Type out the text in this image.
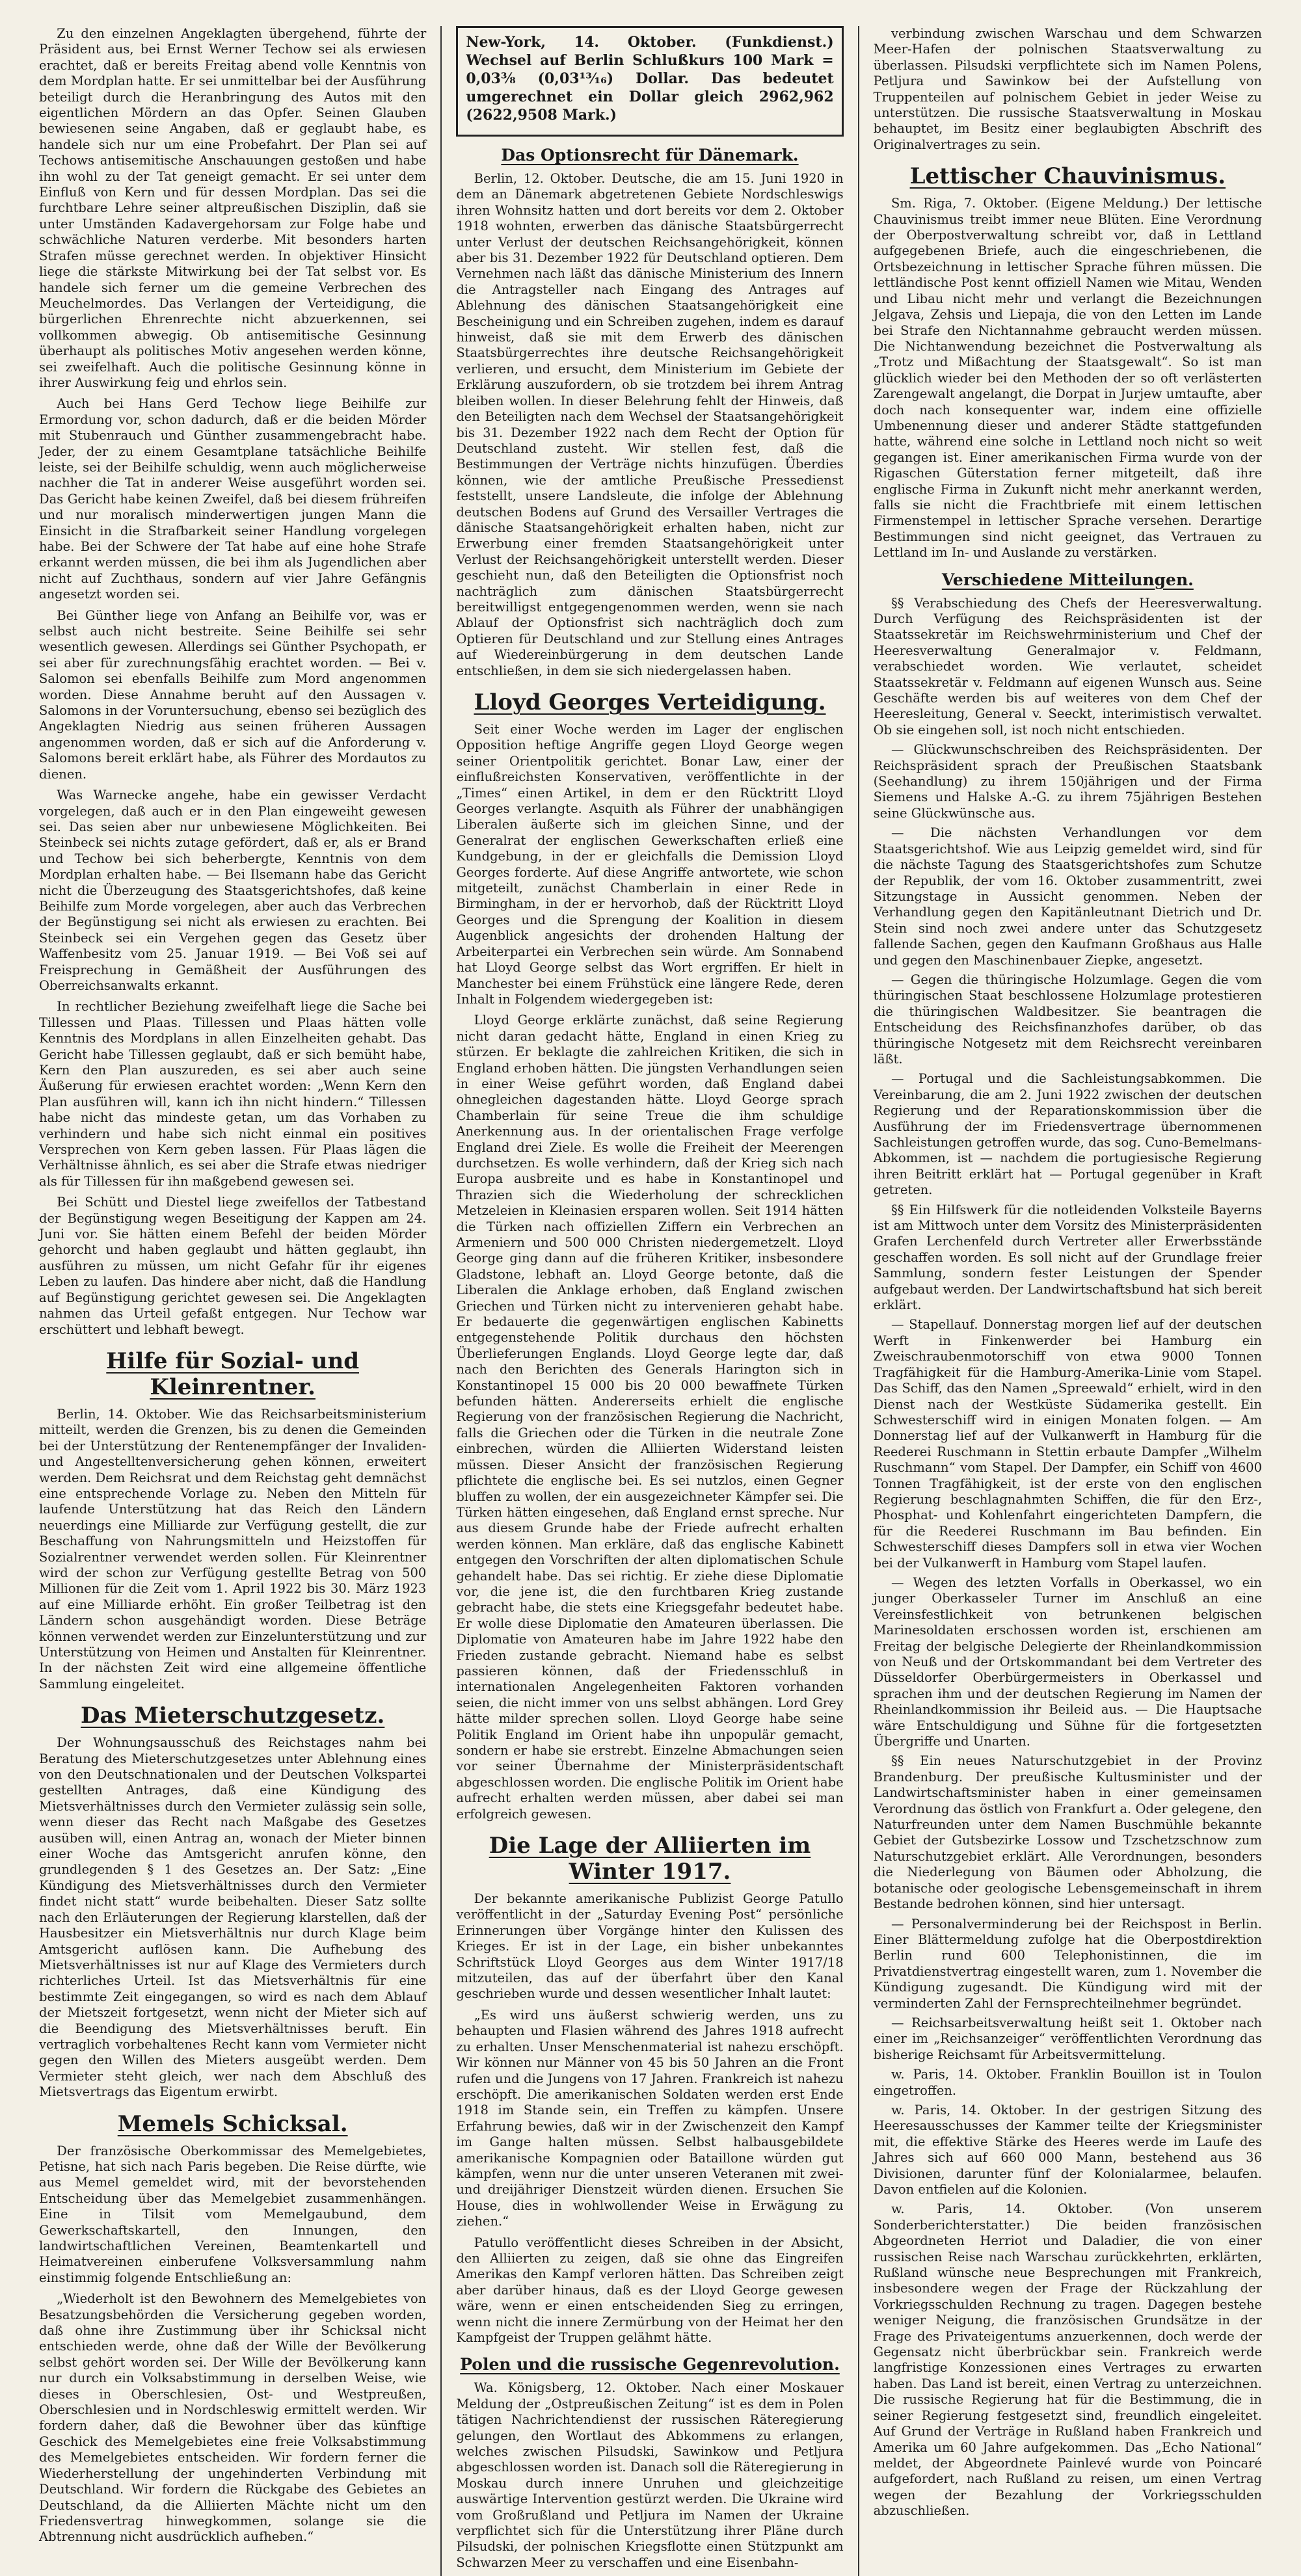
Zu den einzelnen Angeklagten übergehend, führte der Präsident aus, bei Ernst Werner Techow sei als erwiesen erachtet, daß er bereits Freitag abend volle Kenntnis von dem Mordplan hatte. Er sei unmittelbar bei der Ausführung beteiligt durch die Heranbringung des Autos mit den eigentlichen Mördern an das Opfer. Seinen Glauben bewiesenen seine Angaben, daß er geglaubt habe, es handele sich nur um eine Probefahrt. Der Plan sei auf Techows antisemitische Anschauungen gestoßen und habe ihn wohl zu der Tat geneigt gemacht. Er sei unter dem Einfluß von Kern und für dessen Mordplan. Das sei die furchtbare Lehre seiner altpreußischen Disziplin, daß sie unter Umständen Kadavergehorsam zur Folge habe und schwächliche Naturen verderbe. Mit besonders harten Strafen müsse gerechnet werden. In objektiver Hinsicht liege die stärkste Mitwirkung bei der Tat selbst vor. Es handele sich ferner um die gemeine Verbrechen des Meuchelmordes. Das Verlangen der Verteidigung, die bürgerlichen Ehrenrechte nicht abzuerkennen, sei vollkommen abwegig. Ob antisemitische Gesinnung überhaupt als politisches Motiv angesehen werden könne, sei zweifelhaft. Auch die politische Gesinnung könne in ihrer Auswirkung feig und ehrlos sein.

Auch bei Hans Gerd Techow liege Beihilfe zur Ermordung vor, schon dadurch, daß er die beiden Mörder mit Stubenrauch und Günther zusammengebracht habe. Jeder, der zu einem Gesamtplane tatsächliche Beihilfe leiste, sei der Beihilfe schuldig, wenn auch möglicherweise nachher die Tat in anderer Weise ausgeführt worden sei. Das Gericht habe keinen Zweifel, daß bei diesem frühreifen und nur moralisch minderwertigen jungen Mann die Einsicht in die Strafbarkeit seiner Handlung vorgelegen habe. Bei der Schwere der Tat habe auf eine hohe Strafe erkannt werden müssen, die bei ihm als Jugendlichen aber nicht auf Zuchthaus, sondern auf vier Jahre Gefängnis angesetzt worden sei.

Bei Günther liege von Anfang an Beihilfe vor, was er selbst auch nicht bestreite. Seine Beihilfe sei sehr wesentlich gewesen. Allerdings sei Günther Psychopath, er sei aber für zurechnungsfähig erachtet worden. — Bei v. Salomon sei ebenfalls Beihilfe zum Mord angenommen worden. Diese Annahme beruht auf den Aussagen v. Salomons in der Voruntersuchung, ebenso sei bezüglich des Angeklagten Niedrig aus seinen früheren Aussagen angenommen worden, daß er sich auf die Anforderung v. Salomons bereit erklärt habe, als Führer des Mordautos zu dienen.

Was Warnecke angehe, habe ein gewisser Verdacht vorgelegen, daß auch er in den Plan eingeweiht gewesen sei. Das seien aber nur unbewiesene Möglichkeiten. Bei Steinbeck sei nichts zutage gefördert, daß er, als er Brand und Techow bei sich beherbergte, Kenntnis von dem Mordplan erhalten habe. — Bei Ilsemann habe das Gericht nicht die Überzeugung des Staatsgerichtshofes, daß keine Beihilfe zum Morde vorgelegen, aber auch das Verbrechen der Begünstigung sei nicht als erwiesen zu erachten. Bei Steinbeck sei ein Vergehen gegen das Gesetz über Waffenbesitz vom 25. Januar 1919. — Bei Voß sei auf Freisprechung in Gemäßheit der Ausführungen des Oberreichsanwalts erkannt.

In rechtlicher Beziehung zweifelhaft liege die Sache bei Tillessen und Plaas. Tillessen und Plaas hätten volle Kenntnis des Mordplans in allen Einzelheiten gehabt. Das Gericht habe Tillessen geglaubt, daß er sich bemüht habe, Kern den Plan auszureden, es sei aber auch seine Äußerung für erwiesen erachtet worden: „Wenn Kern den Plan ausführen will, kann ich ihn nicht hindern.“ Tillessen habe nicht das mindeste getan, um das Vorhaben zu verhindern und habe sich nicht einmal ein positives Versprechen von Kern geben lassen. Für Plaas lägen die Verhältnisse ähnlich, es sei aber die Strafe etwas niedriger als für Tillessen für ihn maßgebend gewesen sei.

Bei Schütt und Diestel liege zweifellos der Tatbestand der Begünstigung wegen Beseitigung der Kappen am 24. Juni vor. Sie hätten einem Befehl der beiden Mörder gehorcht und haben geglaubt und hätten geglaubt, ihn ausführen zu müssen, um nicht Gefahr für ihr eigenes Leben zu laufen. Das hindere aber nicht, daß die Handlung auf Begünstigung gerichtet gewesen sei. Die Angeklagten nahmen das Urteil gefaßt entgegen. Nur Techow war erschüttert und lebhaft bewegt.

Hilfe für Sozial- und Kleinrentner.

Berlin, 14. Oktober. Wie das Reichsarbeitsministerium mitteilt, werden die Grenzen, bis zu denen die Gemeinden bei der Unterstützung der Rentenempfänger der Invaliden- und Angestelltenversicherung gehen können, erweitert werden. Dem Reichsrat und dem Reichstag geht demnächst eine entsprechende Vorlage zu. Neben den Mitteln für laufende Unterstützung hat das Reich den Ländern neuerdings eine Milliarde zur Verfügung gestellt, die zur Beschaffung von Nahrungsmitteln und Heizstoffen für Sozialrentner verwendet werden sollen. Für Kleinrentner wird der schon zur Verfügung gestellte Betrag von 500 Millionen für die Zeit vom 1. April 1922 bis 30. März 1923 auf eine Milliarde erhöht. Ein großer Teilbetrag ist den Ländern schon ausgehändigt worden. Diese Beträge können verwendet werden zur Einzelunterstützung und zur Unterstützung von Heimen und Anstalten für Kleinrentner. In der nächsten Zeit wird eine allgemeine öffentliche Sammlung eingeleitet.

Das Mieterschutzgesetz.

Der Wohnungsausschuß des Reichstages nahm bei Beratung des Mieterschutzgesetzes unter Ablehnung eines von den Deutschnationalen und der Deutschen Volkspartei gestellten Antrages, daß eine Kündigung des Mietsverhältnisses durch den Vermieter zulässig sein solle, wenn dieser das Recht nach Maßgabe des Gesetzes ausüben will, einen Antrag an, wonach der Mieter binnen einer Woche das Amtsgericht anrufen könne, den grundlegenden § 1 des Gesetzes an. Der Satz: „Eine Kündigung des Mietsverhältnisses durch den Vermieter findet nicht statt“ wurde beibehalten. Dieser Satz sollte nach den Erläuterungen der Regierung klarstellen, daß der Hausbesitzer ein Mietsverhältnis nur durch Klage beim Amtsgericht auflösen kann. Die Aufhebung des Mietsverhältnisses ist nur auf Klage des Vermieters durch richterliches Urteil. Ist das Mietsverhältnis für eine bestimmte Zeit eingegangen, so wird es nach dem Ablauf der Mietszeit fortgesetzt, wenn nicht der Mieter sich auf die Beendigung des Mietsverhältnisses beruft. Ein vertraglich vorbehaltenes Recht kann vom Vermieter nicht gegen den Willen des Mieters ausgeübt werden. Dem Vermieter steht gleich, wer nach dem Abschluß des Mietsvertrags das Eigentum erwirbt.

Memels Schicksal.

Der französische Oberkommissar des Memelgebietes, Petisne, hat sich nach Paris begeben. Die Reise dürfte, wie aus Memel gemeldet wird, mit der bevorstehenden Entscheidung über das Memelgebiet zusammenhängen. Eine in Tilsit vom Memelgaubund, dem Gewerkschaftskartell, den Innungen, den landwirtschaftlichen Vereinen, Beamtenkartell und Heimatvereinen einberufene Volksversammlung nahm einstimmig folgende Entschließung an:

„Wiederholt ist den Bewohnern des Memelgebietes von Besatzungsbehörden die Versicherung gegeben worden, daß ohne ihre Zustimmung über ihr Schicksal nicht entschieden werde, ohne daß der Wille der Bevölkerung selbst gehört worden sei. Der Wille der Bevölkerung kann nur durch ein Volksabstimmung in derselben Weise, wie dieses in Oberschlesien, Ost- und Westpreußen, Oberschlesien und in Nordschleswig ermittelt werden. Wir fordern daher, daß die Bewohner über das künftige Geschick des Memelgebietes eine freie Volksabstimmung des Memelgebietes entscheiden. Wir fordern ferner die Wiederherstellung der ungehinderten Verbindung mit Deutschland. Wir fordern die Rückgabe des Gebietes an Deutschland, da die Alliierten Mächte nicht um den Friedensvertrag hinwegkommen, solange sie die Abtrennung nicht ausdrücklich aufheben.“

New-York, 14. Oktober. (Funkdienst.) Wechsel auf Berlin Schlußkurs 100 Mark = 0,03⅜ (0,03¹³⁄₁₆) Dollar. Das bedeutet umgerechnet ein Dollar gleich 2962,962 (2622,9508 Mark.)

Das Optionsrecht für Dänemark.

Berlin, 12. Oktober. Deutsche, die am 15. Juni 1920 in dem an Dänemark abgetretenen Gebiete Nordschleswigs ihren Wohnsitz hatten und dort bereits vor dem 2. Oktober 1918 wohnten, erwerben das dänische Staatsbürgerrecht unter Verlust der deutschen Reichsangehörigkeit, können aber bis 31. Dezember 1922 für Deutschland optieren. Dem Vernehmen nach läßt das dänische Ministerium des Innern die Antragsteller nach Eingang des Antrages auf Ablehnung des dänischen Staatsangehörigkeit eine Bescheinigung und ein Schreiben zugehen, indem es darauf hinweist, daß sie mit dem Erwerb des dänischen Staatsbürgerrechtes ihre deutsche Reichsangehörigkeit verlieren, und ersucht, dem Ministerium im Gebiete der Erklärung auszufordern, ob sie trotzdem bei ihrem Antrag bleiben wollen. In dieser Belehrung fehlt der Hinweis, daß den Beteiligten nach dem Wechsel der Staatsangehörigkeit bis 31. Dezember 1922 nach dem Recht der Option für Deutschland zusteht. Wir stellen fest, daß die Bestimmungen der Verträge nichts hinzufügen. Überdies können, wie der amtliche Preußische Pressedienst feststellt, unsere Landsleute, die infolge der Ablehnung deutschen Bodens auf Grund des Versailler Vertrages die dänische Staatsangehörigkeit erhalten haben, nicht zur Erwerbung einer fremden Staatsangehörigkeit unter Verlust der Reichsangehörigkeit unterstellt werden. Dieser geschieht nun, daß den Beteiligten die Optionsfrist noch nachträglich zum dänischen Staatsbürgerrecht bereitwilligst entgegengenommen werden, wenn sie nach Ablauf der Optionsfrist sich nachträglich doch zum Optieren für Deutschland und zur Stellung eines Antrages auf Wiedereinbürgerung in dem deutschen Lande entschließen, in dem sie sich niedergelassen haben.

Lloyd Georges Verteidigung.

Seit einer Woche werden im Lager der englischen Opposition heftige Angriffe gegen Lloyd George wegen seiner Orientpolitik gerichtet. Bonar Law, einer der einflußreichsten Konservativen, veröffentlichte in der „Times“ einen Artikel, in dem er den Rücktritt Lloyd Georges verlangte. Asquith als Führer der unabhängigen Liberalen äußerte sich im gleichen Sinne, und der Generalrat der englischen Gewerkschaften erließ eine Kundgebung, in der er gleichfalls die Demission Lloyd Georges forderte. Auf diese Angriffe antwortete, wie schon mitgeteilt, zunächst Chamberlain in einer Rede in Birmingham, in der er hervorhob, daß der Rücktritt Lloyd Georges und die Sprengung der Koalition in diesem Augenblick angesichts der drohenden Haltung der Arbeiterpartei ein Verbrechen sein würde. Am Sonnabend hat Lloyd George selbst das Wort ergriffen. Er hielt in Manchester bei einem Frühstück eine längere Rede, deren Inhalt in Folgendem wiedergegeben ist:

Lloyd George erklärte zunächst, daß seine Regierung nicht daran gedacht hätte, England in einen Krieg zu stürzen. Er beklagte die zahlreichen Kritiken, die sich in England erhoben hätten. Die jüngsten Verhandlungen seien in einer Weise geführt worden, daß England dabei ohnegleichen dagestanden hätte. Lloyd George sprach Chamberlain für seine Treue die ihm schuldige Anerkennung aus. In der orientalischen Frage verfolge England drei Ziele. Es wolle die Freiheit der Meerengen durchsetzen. Es wolle verhindern, daß der Krieg sich nach Europa ausbreite und es habe in Konstantinopel und Thrazien sich die Wiederholung der schrecklichen Metzeleien in Kleinasien ersparen wollen. Seit 1914 hätten die Türken nach offiziellen Ziffern ein Verbrechen an Armeniern und 500 000 Christen niedergemetzelt. Lloyd George ging dann auf die früheren Kritiker, insbesondere Gladstone, lebhaft an. Lloyd George betonte, daß die Liberalen die Anklage erhoben, daß England zwischen Griechen und Türken nicht zu intervenieren gehabt habe. Er bedauerte die gegenwärtigen englischen Kabinetts entgegenstehende Politik durchaus den höchsten Überlieferungen Englands. Lloyd George legte dar, daß nach den Berichten des Generals Harington sich in Konstantinopel 15 000 bis 20 000 bewaffnete Türken befunden hätten. Andererseits erhielt die englische Regierung von der französischen Regierung die Nachricht, falls die Griechen oder die Türken in die neutrale Zone einbrechen, würden die Alliierten Widerstand leisten müssen. Dieser Ansicht der französischen Regierung pflichtete die englische bei. Es sei nutzlos, einen Gegner bluffen zu wollen, der ein ausgezeichneter Kämpfer sei. Die Türken hätten eingesehen, daß England ernst spreche. Nur aus diesem Grunde habe der Friede aufrecht erhalten werden können. Man erkläre, daß das englische Kabinett entgegen den Vorschriften der alten diplomatischen Schule gehandelt habe. Das sei richtig. Er ziehe diese Diplomatie vor, die jene ist, die den furchtbaren Krieg zustande gebracht habe, die stets eine Kriegsgefahr bedeutet habe. Er wolle diese Diplomatie den Amateuren überlassen. Die Diplomatie von Amateuren habe im Jahre 1922 habe den Frieden zustande gebracht. Niemand habe es selbst passieren können, daß der Friedensschluß in internationalen Angelegenheiten Faktoren vorhanden seien, die nicht immer von uns selbst abhängen. Lord Grey hätte milder sprechen sollen. Lloyd George habe seine Politik England im Orient habe ihn unpopulär gemacht, sondern er habe sie erstrebt. Einzelne Abmachungen seien vor seiner Übernahme der Ministerpräsidentschaft abgeschlossen worden. Die englische Politik im Orient habe aufrecht erhalten werden müssen, aber dabei sei man erfolgreich gewesen.

Die Lage der Alliierten im Winter 1917.

Der bekannte amerikanische Publizist George Patullo veröffentlicht in der „Saturday Evening Post“ persönliche Erinnerungen über Vorgänge hinter den Kulissen des Krieges. Er ist in der Lage, ein bisher unbekanntes Schriftstück Lloyd Georges aus dem Winter 1917/18 mitzuteilen, das auf der überfahrt über den Kanal geschrieben wurde und dessen wesentlicher Inhalt lautet:

„Es wird uns äußerst schwierig werden, uns zu behaupten und Flasien während des Jahres 1918 aufrecht zu erhalten. Unser Menschenmaterial ist nahezu erschöpft. Wir können nur Männer von 45 bis 50 Jahren an die Front rufen und die Jungens von 17 Jahren. Frankreich ist nahezu erschöpft. Die amerikanischen Soldaten werden erst Ende 1918 im Stande sein, ein Treffen zu kämpfen. Unsere Erfahrung bewies, daß wir in der Zwischenzeit den Kampf im Gange halten müssen. Selbst halbausgebildete amerikanische Kompagnien oder Bataillone würden gut kämpfen, wenn nur die unter unseren Veteranen mit zwei- und dreijähriger Dienstzeit würden dienen. Ersuchen Sie House, dies in wohlwollender Weise in Erwägung zu ziehen.“

Patullo veröffentlicht dieses Schreiben in der Absicht, den Alliierten zu zeigen, daß sie ohne das Eingreifen Amerikas den Kampf verloren hätten. Das Schreiben zeigt aber darüber hinaus, daß es der Lloyd George gewesen wäre, wenn er einen entscheidenden Sieg zu erringen, wenn nicht die innere Zermürbung von der Heimat her den Kampfgeist der Truppen gelähmt hätte.

Polen und die russische Gegenrevolution.

Wa. Königsberg, 12. Oktober. Nach einer Moskauer Meldung der „Ostpreußischen Zeitung“ ist es dem in Polen tätigen Nachrichtendienst der russischen Räteregierung gelungen, den Wortlaut des Abkommens zu erlangen, welches zwischen Pilsudski, Sawinkow und Petljura abgeschlossen worden ist. Danach soll die Räteregierung in Moskau durch innere Unruhen und gleichzeitige auswärtige Intervention gestürzt werden. Die Ukraine wird vom Großrußland und Petljura im Namen der Ukraine verpflichtet sich für die Unterstützung ihrer Pläne durch Pilsudski, der polnischen Kriegsflotte einen Stützpunkt am Schwarzen Meer zu verschaffen und eine Eisenbahn-

verbindung zwischen Warschau und dem Schwarzen Meer-Hafen der polnischen Staatsverwaltung zu überlassen. Pilsudski verpflichtete sich im Namen Polens, Petljura und Sawinkow bei der Aufstellung von Truppenteilen auf polnischem Gebiet in jeder Weise zu unterstützen. Die russische Staatsverwaltung in Moskau behauptet, im Besitz einer beglaubigten Abschrift des Originalvertrages zu sein.

Lettischer Chauvinismus.

Sm. Riga, 7. Oktober. (Eigene Meldung.) Der lettische Chauvinismus treibt immer neue Blüten. Eine Verordnung der Oberpostverwaltung schreibt vor, daß in Lettland aufgegebenen Briefe, auch die eingeschriebenen, die Ortsbezeichnung in lettischer Sprache führen müssen. Die lettländische Post kennt offiziell Namen wie Mitau, Wenden und Libau nicht mehr und verlangt die Bezeichnungen Jelgava, Zehsis und Liepaja, die von den Letten im Lande bei Strafe den Nichtannahme gebraucht werden müssen. Die Nichtanwendung bezeichnet die Postverwaltung als „Trotz und Mißachtung der Staatsgewalt“. So ist man glücklich wieder bei den Methoden der so oft verlästerten Zarengewalt angelangt, die Dorpat in Jurjew umtaufte, aber doch nach konsequenter war, indem eine offizielle Umbenennung dieser und anderer Städte stattgefunden hatte, während eine solche in Lettland noch nicht so weit gegangen ist. Einer amerikanischen Firma wurde von der Rigaschen Güterstation ferner mitgeteilt, daß ihre englische Firma in Zukunft nicht mehr anerkannt werden, falls sie nicht die Frachtbriefe mit einem lettischen Firmenstempel in lettischer Sprache versehen. Derartige Bestimmungen sind nicht geeignet, das Vertrauen zu Lettland im In- und Auslande zu verstärken.

Verschiedene Mitteilungen.

§§ Verabschiedung des Chefs der Heeresverwaltung. Durch Verfügung des Reichspräsidenten ist der Staatssekretär im Reichswehrministerium und Chef der Heeresverwaltung Generalmajor v. Feldmann, verabschiedet worden. Wie verlautet, scheidet Staatssekretär v. Feldmann auf eigenen Wunsch aus. Seine Geschäfte werden bis auf weiteres von dem Chef der Heeresleitung, General v. Seeckt, interimistisch verwaltet. Ob sie eingehen soll, ist noch nicht entschieden.

— Glückwunschschreiben des Reichspräsidenten. Der Reichspräsident sprach der Preußischen Staatsbank (Seehandlung) zu ihrem 150jährigen und der Firma Siemens und Halske A.-G. zu ihrem 75jährigen Bestehen seine Glückwünsche aus.

— Die nächsten Verhandlungen vor dem Staatsgerichtshof. Wie aus Leipzig gemeldet wird, sind für die nächste Tagung des Staatsgerichtshofes zum Schutze der Republik, der vom 16. Oktober zusammentritt, zwei Sitzungstage in Aussicht genommen. Neben der Verhandlung gegen den Kapitänleutnant Dietrich und Dr. Stein sind noch zwei andere unter das Schutzgesetz fallende Sachen, gegen den Kaufmann Großhaus aus Halle und gegen den Maschinenbauer Ziepke, angesetzt.

— Gegen die thüringische Holzumlage. Gegen die vom thüringischen Staat beschlossene Holzumlage protestieren die thüringischen Waldbesitzer. Sie beantragen die Entscheidung des Reichsfinanzhofes darüber, ob das thüringische Notgesetz mit dem Reichsrecht vereinbaren läßt.

— Portugal und die Sachleistungsabkommen. Die Vereinbarung, die am 2. Juni 1922 zwischen der deutschen Regierung und der Reparationskommission über die Ausführung der im Friedensvertrage übernommenen Sachleistungen getroffen wurde, das sog. Cuno-Bemelmans-Abkommen, ist — nachdem die portugiesische Regierung ihren Beitritt erklärt hat — Portugal gegenüber in Kraft getreten.

§§ Ein Hilfswerk für die notleidenden Volksteile Bayerns ist am Mittwoch unter dem Vorsitz des Ministerpräsidenten Grafen Lerchenfeld durch Vertreter aller Erwerbsstände geschaffen worden. Es soll nicht auf der Grundlage freier Sammlung, sondern fester Leistungen der Spender aufgebaut werden. Der Landwirtschaftsbund hat sich bereit erklärt.

— Stapellauf. Donnerstag morgen lief auf der deutschen Werft in Finkenwerder bei Hamburg ein Zweischraubenmotorschiff von etwa 9000 Tonnen Tragfähigkeit für die Hamburg-Amerika-Linie vom Stapel. Das Schiff, das den Namen „Spreewald“ erhielt, wird in den Dienst nach der Westküste Südamerika gestellt. Ein Schwesterschiff wird in einigen Monaten folgen. — Am Donnerstag lief auf der Vulkanwerft in Hamburg für die Reederei Ruschmann in Stettin erbaute Dampfer „Wilhelm Ruschmann“ vom Stapel. Der Dampfer, ein Schiff von 4600 Tonnen Tragfähigkeit, ist der erste von den englischen Regierung beschlagnahmten Schiffen, die für den Erz-, Phosphat- und Kohlenfahrt eingerichteten Dampfern, die für die Reederei Ruschmann im Bau befinden. Ein Schwesterschiff dieses Dampfers soll in etwa vier Wochen bei der Vulkanwerft in Hamburg vom Stapel laufen.

— Wegen des letzten Vorfalls in Oberkassel, wo ein junger Oberkasseler Turner im Anschluß an eine Vereinsfestlichkeit von betrunkenen belgischen Marinesoldaten erschossen worden ist, erschienen am Freitag der belgische Delegierte der Rheinlandkommission von Neuß und der Ortskommandant bei dem Vertreter des Düsseldorfer Oberbürgermeisters in Oberkassel und sprachen ihm und der deutschen Regierung im Namen der Rheinlandkommission ihr Beileid aus. — Die Hauptsache wäre Entschuldigung und Sühne für die fortgesetzten Übergriffe und Unarten.

§§ Ein neues Naturschutzgebiet in der Provinz Brandenburg. Der preußische Kultusminister und der Landwirtschaftsminister haben in einer gemeinsamen Verordnung das östlich von Frankfurt a. Oder gelegene, den Naturfreunden unter dem Namen Buschmühle bekannte Gebiet der Gutsbezirke Lossow und Tzschetzschnow zum Naturschutzgebiet erklärt. Alle Verordnungen, besonders die Niederlegung von Bäumen oder Abholzung, die botanische oder geologische Lebensgemeinschaft in ihrem Bestande bedrohen können, sind hier untersagt.

— Personalverminderung bei der Reichspost in Berlin. Einer Blättermeldung zufolge hat die Oberpostdirektion Berlin rund 600 Telephonistinnen, die im Privatdienstvertrag eingestellt waren, zum 1. November die Kündigung zugesandt. Die Kündigung wird mit der verminderten Zahl der Fernsprechteilnehmer begründet.

— Reichsarbeitsverwaltung heißt seit 1. Oktober nach einer im „Reichsanzeiger“ veröffentlichten Verordnung das bisherige Reichsamt für Arbeitsvermittelung.

w. Paris, 14. Oktober. Franklin Bouillon ist in Toulon eingetroffen.

w. Paris, 14. Oktober. In der gestrigen Sitzung des Heeresausschusses der Kammer teilte der Kriegsminister mit, die effektive Stärke des Heeres werde im Laufe des Jahres sich auf 660 000 Mann, bestehend aus 36 Divisionen, darunter fünf der Kolonialarmee, belaufen. Davon entfielen auf die Kolonien.

w. Paris, 14. Oktober. (Von unserem Sonderberichterstatter.) Die beiden französischen Abgeordneten Herriot und Daladier, die von einer russischen Reise nach Warschau zurückkehrten, erklärten, Rußland wünsche neue Besprechungen mit Frankreich, insbesondere wegen der Frage der Rückzahlung der Vorkriegsschulden Rechnung zu tragen. Dagegen bestehe weniger Neigung, die französischen Grundsätze in der Frage des Privateigentums anzuerkennen, doch werde der Gegensatz nicht überbrückbar sein. Frankreich werde langfristige Konzessionen eines Vertrages zu erwarten haben. Das Land ist bereit, einen Vertrag zu unterzeichnen. Die russische Regierung hat für die Bestimmung, die in seiner Regierung festgesetzt sind, freundlich eingeleitet. Auf Grund der Verträge in Rußland haben Frankreich und Amerika um 60 Jahre aufgekommen. Das „Echo National“ meldet, der Abgeordnete Painlevé wurde von Poincaré aufgefordert, nach Rußland zu reisen, um einen Vertrag wegen der Bezahlung der Vorkriegsschulden abzuschließen.
